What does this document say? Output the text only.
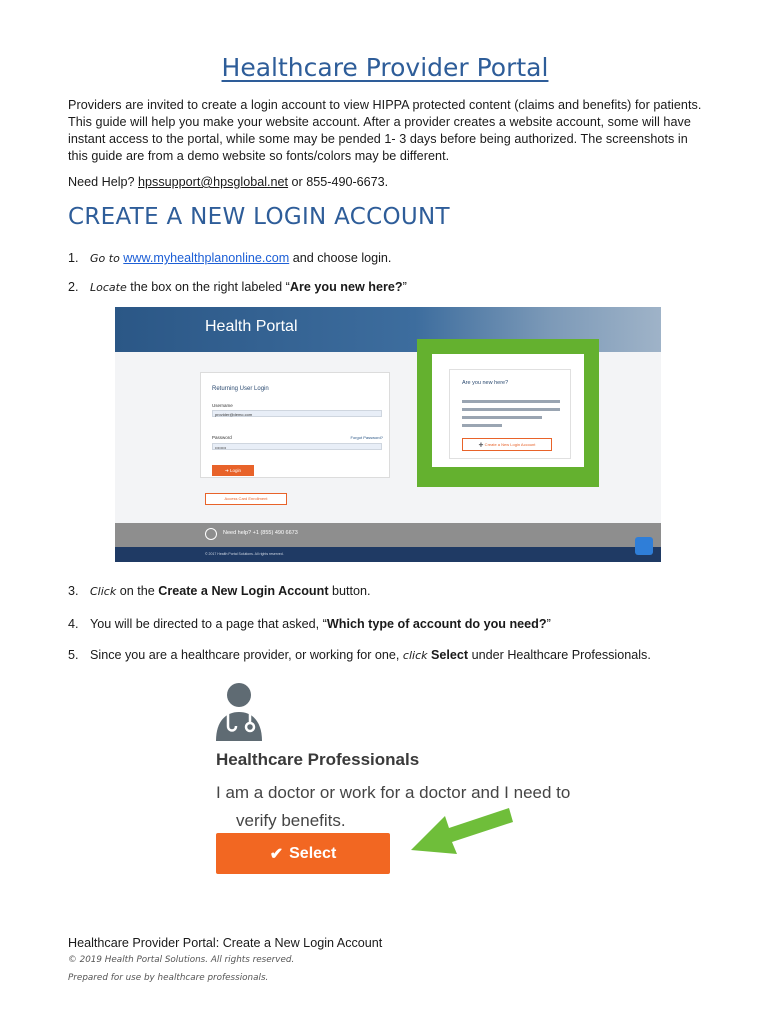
Healthcare Provider Portal

Providers are invited to create a login account to view HIPPA protected content (claims and benefits) for patients. This guide will help you make your website account. After a provider creates a website account, some will have instant access to the portal, while some may be pended 1- 3 days before being authorized. The screenshots in this guide are from a demo website so fonts/colors may be different.

Need Help? hpssupport@hpsglobal.net or 855-490-6673.

CREATE A NEW LOGIN ACCOUNT

1. Go to www.myhealthplanonline.com and choose login.

2. Locate the box on the right labeled “Are you new here?”

Health Portal
Returning User Login
Username
provider@demo.com
Password	Forgot Password?
••••••••
➔ Login
Access Card Enrollment
Are you new here?
➕ Create a New Login Account
Need help? +1 (855) 490 6673
© 2017 Health Portal Solutions. All rights reserved.

3. Click on the Create a New Login Account button.

4. You will be directed to a page that asked, “Which type of account do you need?”

5. Since you are a healthcare provider, or working for one, click Select under Healthcare Professionals.

Healthcare Professionals

I am a doctor or work for a doctor and I need to
verify benefits.

✔ Select

Healthcare Provider Portal: Create a New Login Account

© 2019 Health Portal Solutions. All rights reserved.

Prepared for use by healthcare professionals.
